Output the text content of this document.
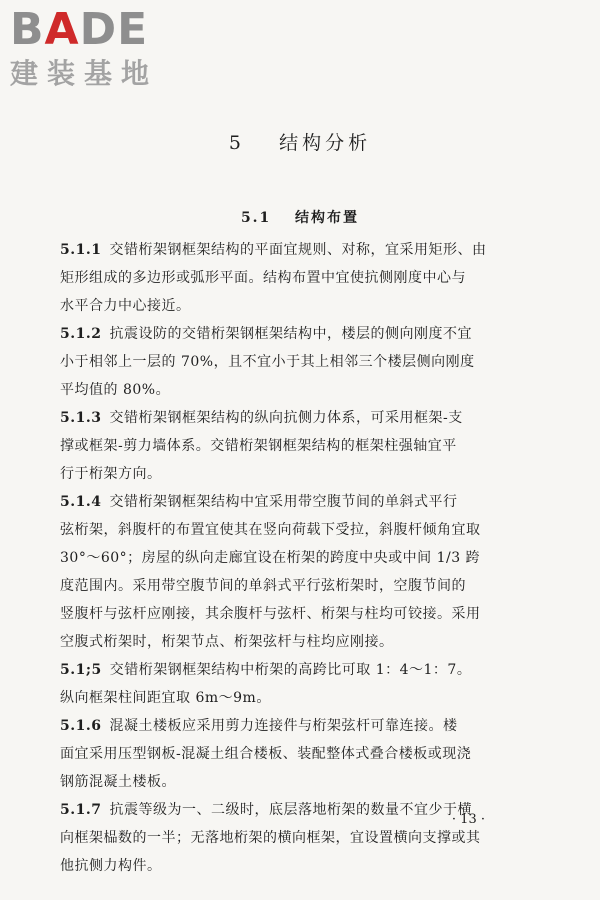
BADE
建装基地
5 结构分析
5.1 结构布置
5.1.1 交错桁架钢框架结构的平面宜规则、对称，宜采用矩形、由
矩形组成的多边形或弧形平面。结构布置中宜使抗侧刚度中心与
水平合力中心接近。
5.1.2 抗震设防的交错桁架钢框架结构中，楼层的侧向刚度不宜
小于相邻上一层的 70%，且不宜小于其上相邻三个楼层侧向刚度
平均值的 80%。
5.1.3 交错桁架钢框架结构的纵向抗侧力体系，可采用框架-支
撑或框架-剪力墙体系。交错桁架钢框架结构的框架柱强轴宜平
行于桁架方向。
5.1.4 交错桁架钢框架结构中宜采用带空腹节间的单斜式平行
弦桁架，斜腹杆的布置宜使其在竖向荷载下受拉，斜腹杆倾角宜取
30°～60°；房屋的纵向走廊宜设在桁架的跨度中央或中间 1/3 跨
度范围内。采用带空腹节间的单斜式平行弦桁架时，空腹节间的
竖腹杆与弦杆应刚接，其余腹杆与弦杆、桁架与柱均可铰接。采用
空腹式桁架时，桁架节点、桁架弦杆与柱均应刚接。
5.1;5 交错桁架钢框架结构中桁架的高跨比可取 1：4～1：7。
纵向框架柱间距宜取 6m～9m。
5.1.6 混凝土楼板应采用剪力连接件与桁架弦杆可靠连接。楼
面宜采用压型钢板-混凝土组合楼板、装配整体式叠合楼板或现浇
钢筋混凝土楼板。
5.1.7 抗震等级为一、二级时，底层落地桁架的数量不宜少于横
向框架榀数的一半；无落地桁架的横向框架，宜设置横向支撑或其
他抗侧力构件。
· 13 ·
